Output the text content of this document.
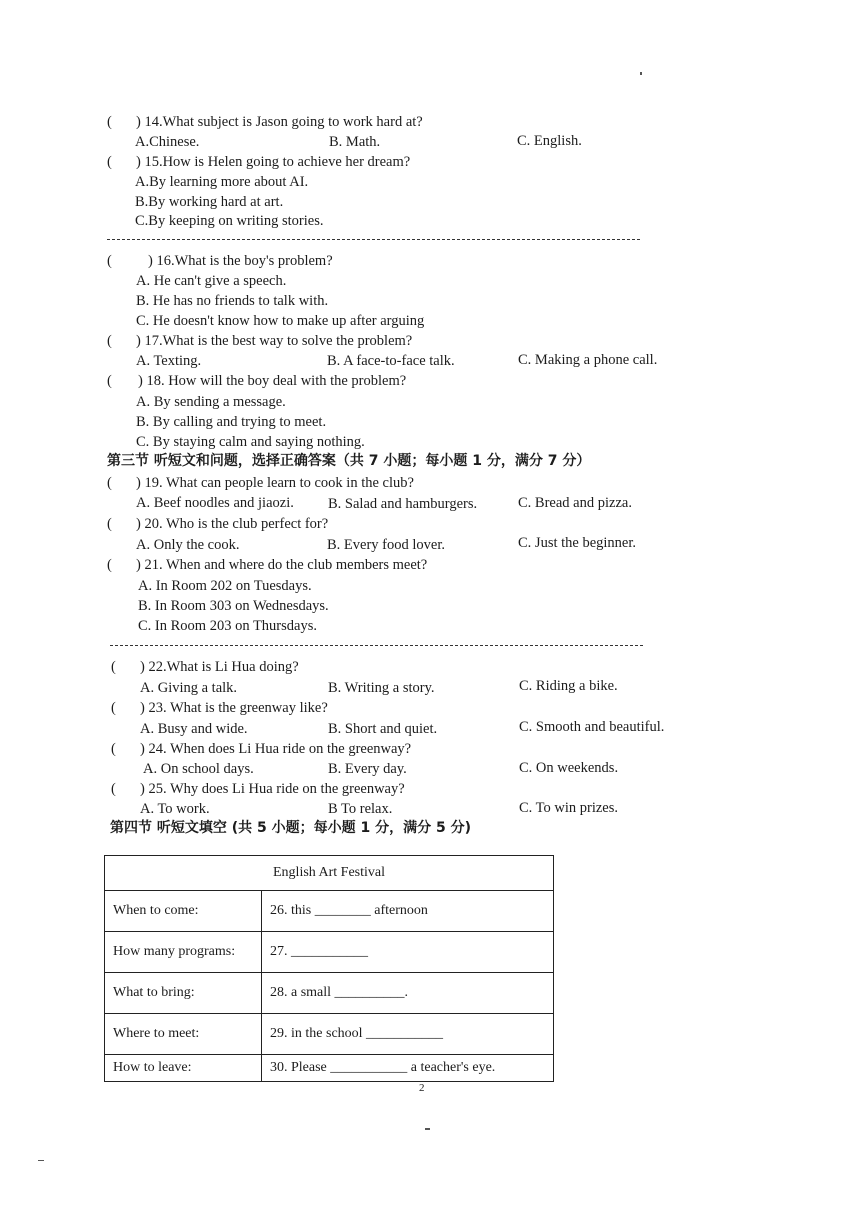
( ) 14.What subject is Jason going to work hard at?
A.Chinese.	B. Math.	C. English.
( ) 15.How is Helen going to achieve her dream?
A.By learning more about AI.
B.By working hard at art.
C.By keeping on writing stories.
( ) 16.What is the boy's problem?
A. He can't give a speech.
B. He has no friends to talk with.
C. He doesn't know how to make up after arguing
( ) 17.What is the best way to solve the problem?
A. Texting.	B. A face-to-face talk.	C. Making a phone call.
( ) 18. How will the boy deal with the problem?
A. By sending a message.
B. By calling and trying to meet.
C. By staying calm and saying nothing.
第三节 听短文和问题，选择正确答案（共 7 小题；每小题 1 分，满分 7 分）
( ) 19. What can people learn to cook in the club?
A. Beef noodles and jiaozi. B. Salad and hamburgers.	C. Bread and pizza.
( ) 20. Who is the club perfect for?
A. Only the cook.	B. Every food lover.	C. Just the beginner.
( ) 21. When and where do the club members meet?
A. In Room 202 on Tuesdays.
B. In Room 303 on Wednesdays.
C. In Room 203 on Thursdays.
( ) 22.What is Li Hua doing?
A. Giving a talk.	B. Writing a story.	C. Riding a bike.
( ) 23. What is the greenway like?
A. Busy and wide.	B. Short and quiet.	C. Smooth and beautiful.
( ) 24. When does Li Hua ride on the greenway?
A. On school days.	B. Every day.	C. On weekends.
( ) 25. Why does Li Hua ride on the greenway?
A. To work.	B To relax.	C. To win prizes.
第四节 听短文填空 (共 5 小题；每小题 1 分，满分 5 分)
English Art Festival	
When to come:	26. this ________ afternoon
How many programs:	27. ___________
What to bring:	28. a small __________.
Where to meet:	29. in the school ___________
How to leave:	30. Please ___________ a teacher's eye.
2
